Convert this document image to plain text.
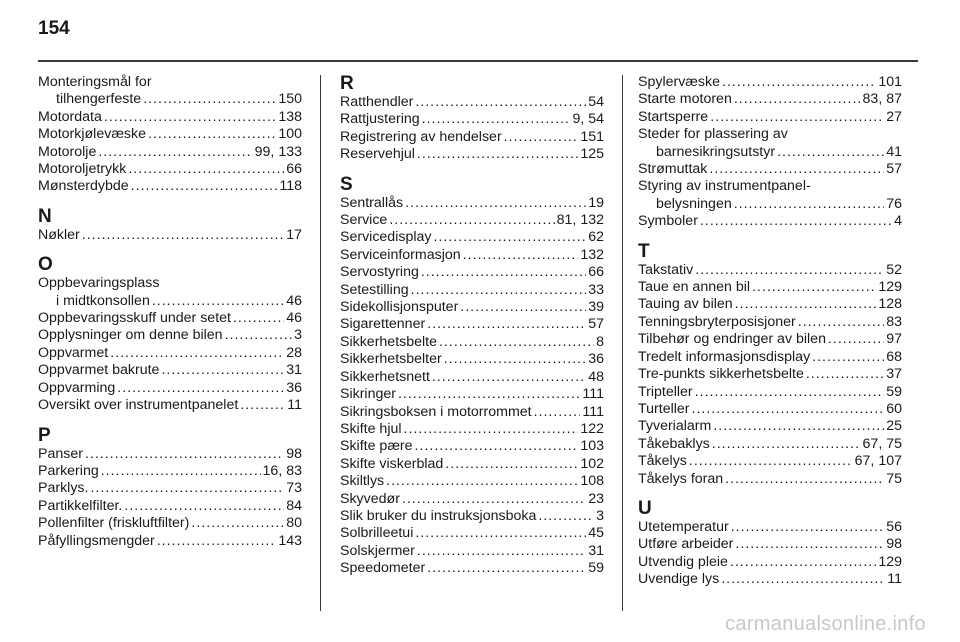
154
Monteringsmål for
tilhengerfeste .....	150
Motordata .....	138
Motorkjølevæske .....	100
Motorolje .....	99, 133
Motoroljetrykk .....	66
Mønsterdybde .....	118
N
Nøkler .....	17
O
Oppbevaringsplass
i midtkonsollen .....	46
Oppbevaringsskuff under setet .....	46
Opplysninger om denne bilen .....	3
Oppvarmet .....	28
Oppvarmet bakrute .....	31
Oppvarming .....	36
Oversikt over instrumentpanelet .....	11
P
Panser .....	98
Parkering .....	16, 83
Parklys. .....	73
Partikkelfilter. .....	84
Pollenfilter (friskluftfilter) .....	80
Påfyllingsmengder .....	143
R
Ratthendler .....	54
Rattjustering .....	9, 54
Registrering av hendelser .....	151
Reservehjul .....	125
S
Sentrallås .....	19
Service .....	81, 132
Servicedisplay .....	62
Serviceinformasjon .....	132
Servostyring .....	66
Setestilling .....	33
Sidekollisjonsputer .....	39
Sigarettenner .....	57
Sikkerhetsbelte .....	8
Sikkerhetsbelter .....	36
Sikkerhetsnett .....	48
Sikringer .....	111
Sikringsboksen i motorrommet .....	111
Skifte hjul .....	122
Skifte pære .....	103
Skifte viskerblad .....	102
Skiltlys .....	108
Skyvedør .....	23
Slik bruker du instruksjonsboka .....	3
Solbrilleetui .....	45
Solskjermer .....	31
Speedometer .....	59
Spylervæske .....	101
Starte motoren .....	83, 87
Startsperre .....	27
Steder for plassering av
barnesikringsutstyr .....	41
Strømuttak .....	57
Styring av instrumentpanel-
belysningen .....	76
Symboler .....	4
T
Takstativ .....	52
Taue en annen bil .....	129
Tauing av bilen .....	128
Tenningsbryterposisjoner .....	83
Tilbehør og endringer av bilen .....	97
Tredelt informasjonsdisplay .....	68
Tre-punkts sikkerhetsbelte .....	37
Tripteller .....	59
Turteller .....	60
Tyverialarm .....	25
Tåkebaklys .....	67, 75
Tåkelys .....	67, 107
Tåkelys foran .....	75
U
Utetemperatur .....	56
Utføre arbeider .....	98
Utvendig pleie .....	129
Uvendige lys .....	11
carmanualsonline.info
